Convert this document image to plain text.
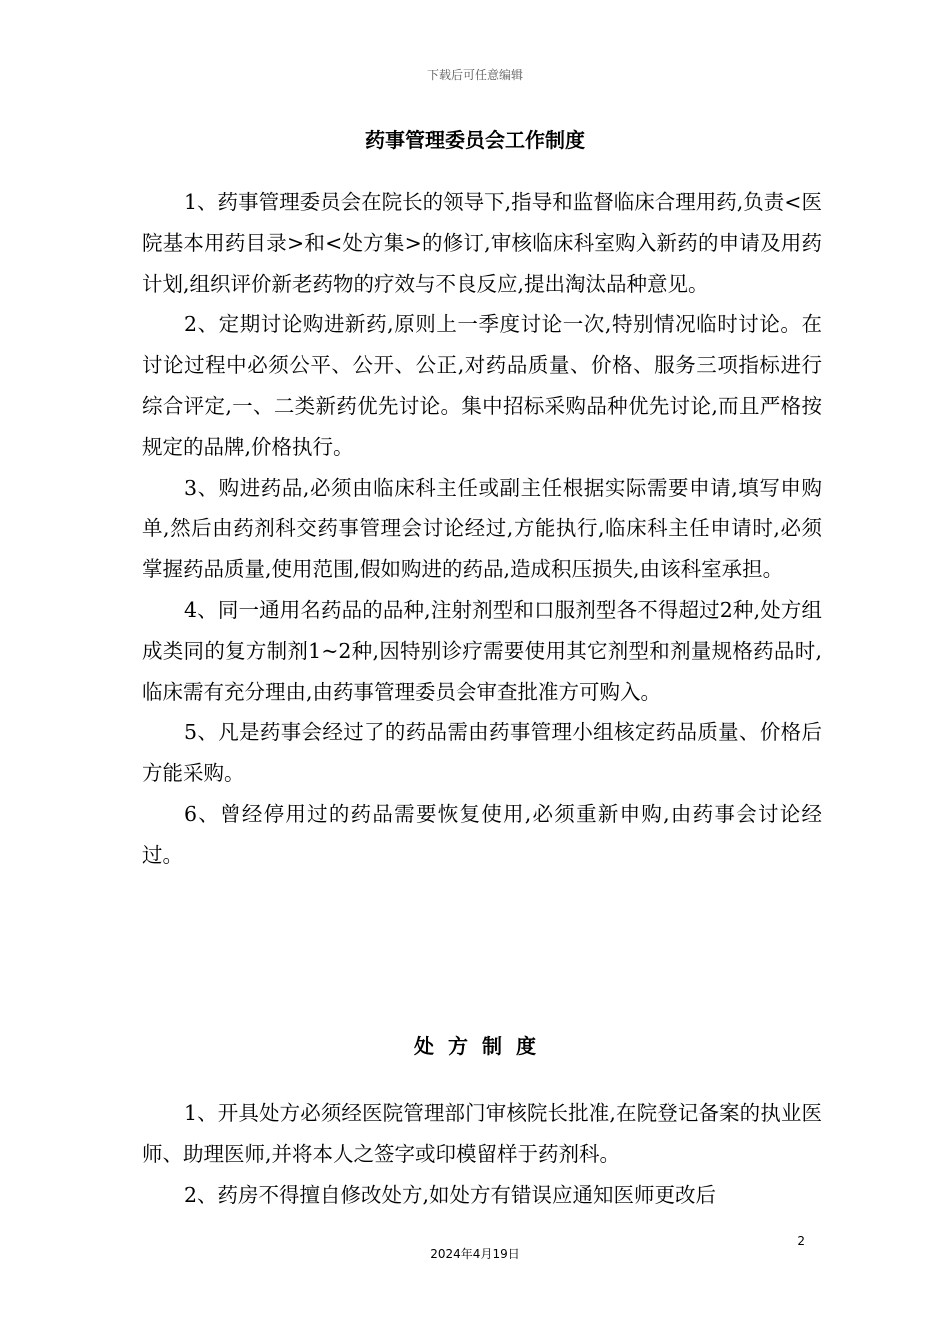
下载后可任意编辑
药事管理委员会工作制度

1、药事管理委员会在院长的领导下,指导和监督临床合理用药,负责<医院基本用药目录>和<处方集>的修订,审核临床科室购入新药的申请及用药计划,组织评价新老药物的疗效与不良反应,提出淘汰品种意见。

2、定期讨论购进新药,原则上一季度讨论一次,特别情况临时讨论。在讨论过程中必须公平、公开、公正,对药品质量、价格、服务三项指标进行综合评定,一、二类新药优先讨论。集中招标采购品种优先讨论,而且严格按规定的品牌,价格执行。

3、购进药品,必须由临床科主任或副主任根据实际需要申请,填写申购单,然后由药剂科交药事管理会讨论经过,方能执行,临床科主任申请时,必须掌握药品质量,使用范围,假如购进的药品,造成积压损失,由该科室承担。

4、同一通用名药品的品种,注射剂型和口服剂型各不得超过2种,处方组成类同的复方制剂1~2种,因特别诊疗需要使用其它剂型和剂量规格药品时,临床需有充分理由,由药事管理委员会审查批准方可购入。

5、凡是药事会经过了的药品需由药事管理小组核定药品质量、价格后方能采购。

6、曾经停用过的药品需要恢复使用,必须重新申购,由药事会讨论经过。

处方制度

1、开具处方必须经医院管理部门审核院长批准,在院登记备案的执业医师、助理医师,并将本人之签字或印模留样于药剂科。

2、药房不得擅自修改处方,如处方有错误应通知医师更改后

2
2024年4月19日
